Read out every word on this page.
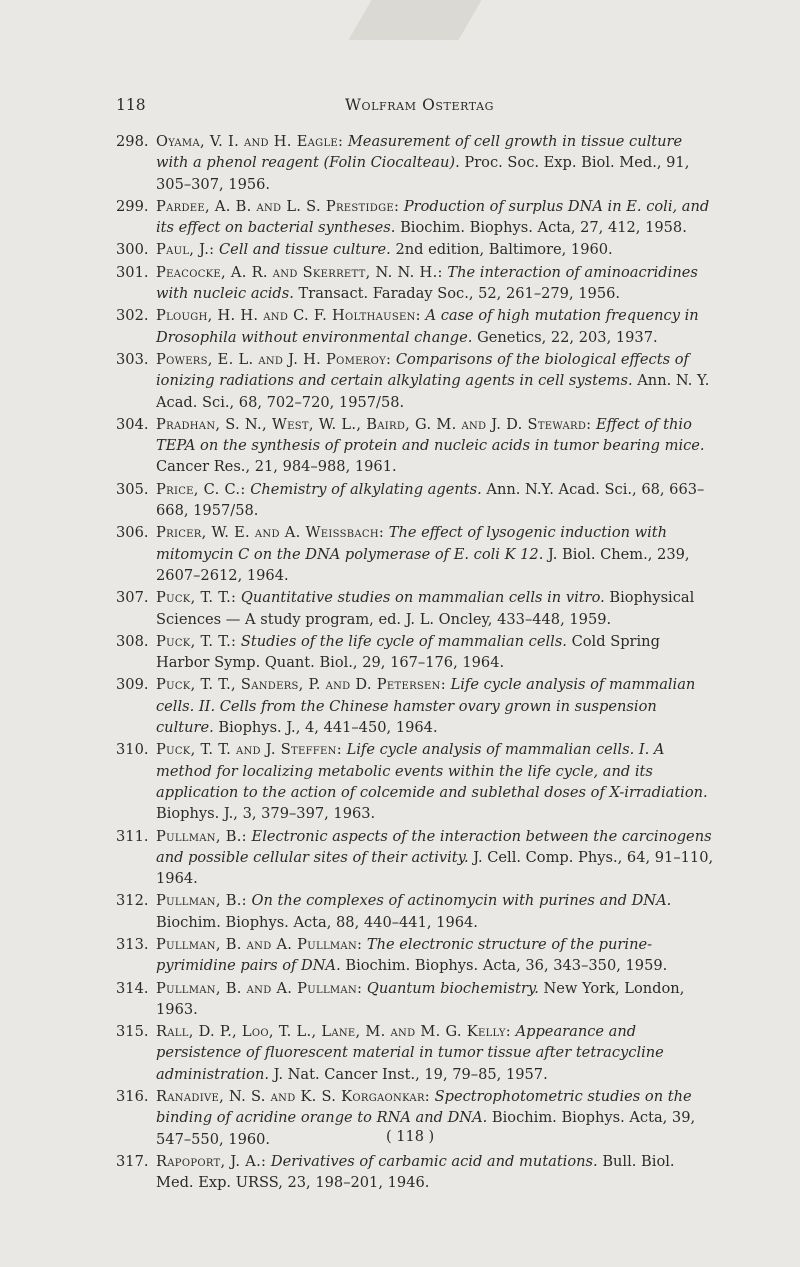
118	Wolfram Ostertag
298. Oyama, V. I. and H. Eagle: Measurement of cell growth in tissue culture with a phenol reagent (Folin Ciocalteau). Proc. Soc. Exp. Biol. Med., 91, 305–307, 1956.
299. Pardee, A. B. and L. S. Prestidge: Production of surplus DNA in E. coli, and its effect on bacterial syntheses. Biochim. Biophys. Acta, 27, 412, 1958.
300. Paul, J.: Cell and tissue culture. 2nd edition, Baltimore, 1960.
301. Peacocke, A. R. and Skerrett, N. N. H.: The interaction of aminoacridines with nucleic acids. Transact. Faraday Soc., 52, 261–279, 1956.
302. Plough, H. H. and C. F. Holthausen: A case of high mutation frequency in Drosophila without environmental change. Genetics, 22, 203, 1937.
303. Powers, E. L. and J. H. Pomeroy: Comparisons of the biological effects of ionizing radiations and certain alkylating agents in cell systems. Ann. N. Y. Acad. Sci., 68, 702–720, 1957/58.
304. Pradhan, S. N., West, W. L., Baird, G. M. and J. D. Steward: Effect of thio TEPA on the synthesis of protein and nucleic acids in tumor bearing mice. Cancer Res., 21, 984–988, 1961.
305. Price, C. C.: Chemistry of alkylating agents. Ann. N.Y. Acad. Sci., 68, 663–668, 1957/58.
306. Pricer, W. E. and A. Weissbach: The effect of lysogenic induction with mitomycin C on the DNA polymerase of E. coli K 12. J. Biol. Chem., 239, 2607–2612, 1964.
307. Puck, T. T.: Quantitative studies on mammalian cells in vitro. Biophysical Sciences — A study program, ed. J. L. Oncley, 433–448, 1959.
308. Puck, T. T.: Studies of the life cycle of mammalian cells. Cold Spring Harbor Symp. Quant. Biol., 29, 167–176, 1964.
309. Puck, T. T., Sanders, P. and D. Petersen: Life cycle analysis of mammalian cells. II. Cells from the Chinese hamster ovary grown in suspension culture. Biophys. J., 4, 441–450, 1964.
310. Puck, T. T. and J. Steffen: Life cycle analysis of mammalian cells. I. A method for localizing metabolic events within the life cycle, and its application to the action of colcemide and sublethal doses of X-irradiation. Biophys. J., 3, 379–397, 1963.
311. Pullman, B.: Electronic aspects of the interaction between the carcinogens and possible cellular sites of their activity. J. Cell. Comp. Phys., 64, 91–110, 1964.
312. Pullman, B.: On the complexes of actinomycin with purines and DNA. Biochim. Biophys. Acta, 88, 440–441, 1964.
313. Pullman, B. and A. Pullman: The electronic structure of the purine-pyrimidine pairs of DNA. Biochim. Biophys. Acta, 36, 343–350, 1959.
314. Pullman, B. and A. Pullman: Quantum biochemistry. New York, London, 1963.
315. Rall, D. P., Loo, T. L., Lane, M. and M. G. Kelly: Appearance and persistence of fluorescent material in tumor tissue after tetracycline administration. J. Nat. Cancer Inst., 19, 79–85, 1957.
316. Ranadive, N. S. and K. S. Korgaonkar: Spectrophotometric studies on the binding of acridine orange to RNA and DNA. Biochim. Biophys. Acta, 39, 547–550, 1960.
317. Rapoport, J. A.: Derivatives of carbamic acid and mutations. Bull. Biol. Med. Exp. URSS, 23, 198–201, 1946.
( 118 )
